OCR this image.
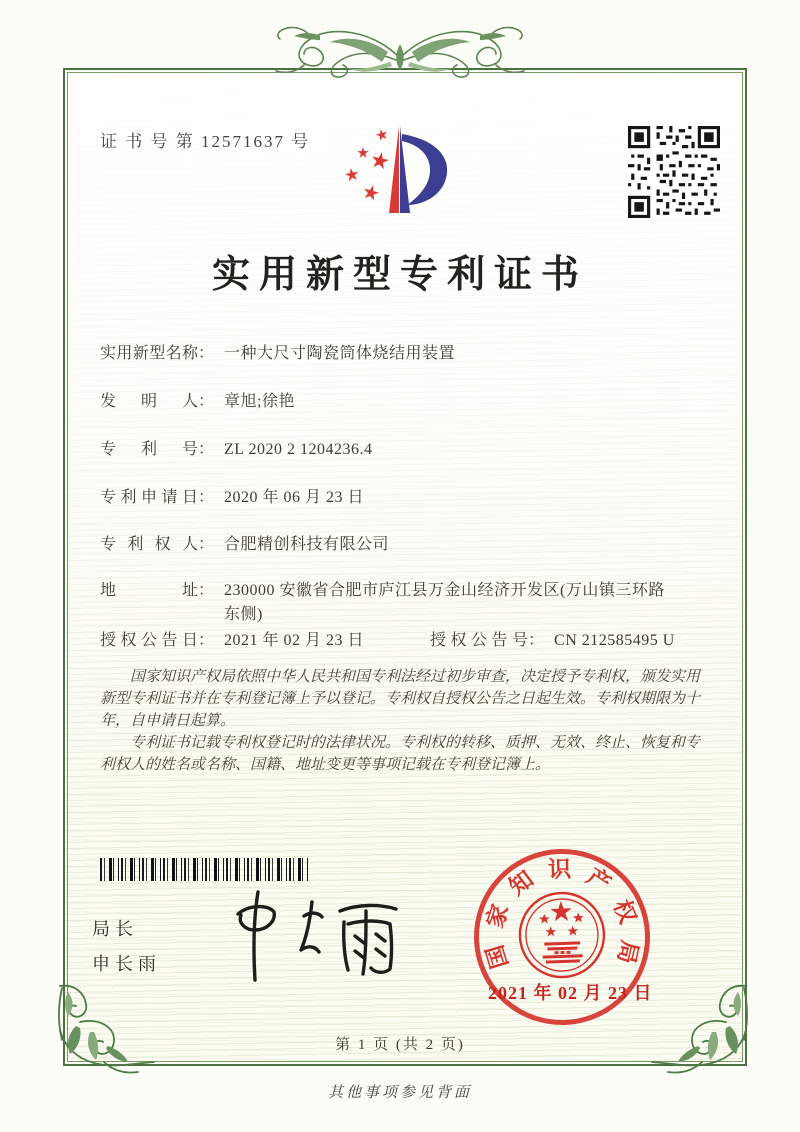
证 书 号 第 12571637 号
实用新型专利证书
实用新型名称 ： 一种大尺寸陶瓷筒体烧结用装置
发明人 ： 章旭;徐艳
专利号 ： ZL 2020 2 1204236.4
专利申请日 ： 2020 年 06 月 23 日
专利权人 ： 合肥精创科技有限公司
地址 ： 230000 安徽省合肥市庐江县万金山经济开发区(万山镇三环路东侧)
授权公告日 ： 2021 年 02 月 23 日	授权公告号 ： CN 212585495 U

国家知识产权局依照中华人民共和国专利法经过初步审查，决定授予专利权，颁发实用新型专利证书并在专利登记簿上予以登记。专利权自授权公告之日起生效。专利权期限为十年，自申请日起算。

专利证书记载专利权登记时的法律状况。专利权的转移、质押、无效、终止、恢复和专利权人的姓名或名称、国籍、地址变更等事项记载在专利登记簿上。

局长
申长雨	国
家
知 识 产
权
局
2021 年 02 月 23 日
第 1 页 (共 2 页)
其他事项参见背面
